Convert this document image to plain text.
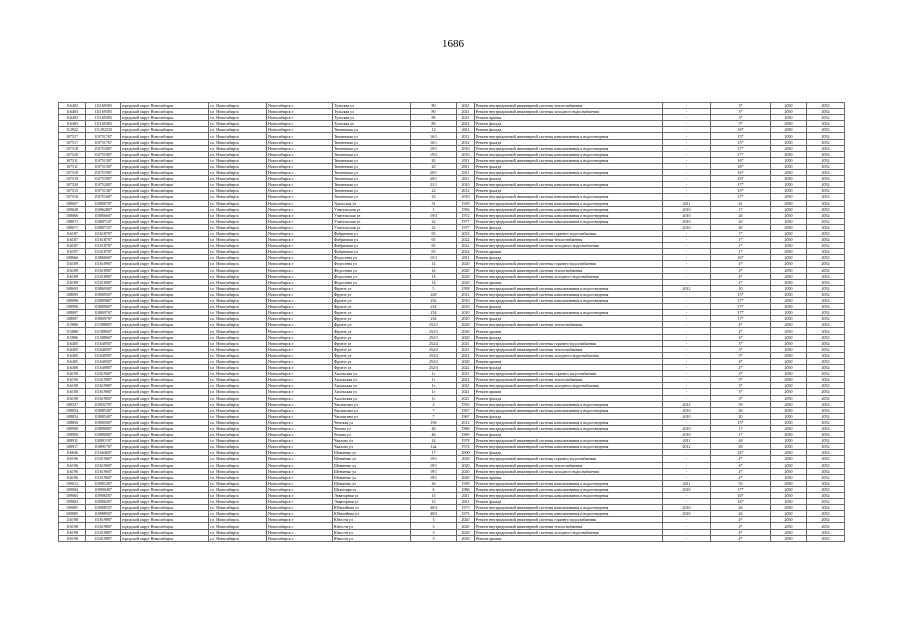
1686
116403	111169383	городской округ Новосибирск	г.о. Новосибирск	Новосибирск г	Тульская ул	80	2021	Ремонт внутридомовой инженерной системы теплоснабжения	-	3*	2050	2052
116403	111169383	городской округ Новосибирск	г.о. Новосибирск	Новосибирск г	Тульская ул	80	2021	Ремонт внутридомовой инженерной системы холодного водоснабжения	-	3*	2050	2052
116403	111169383	городской округ Новосибирск	г.о. Новосибирск	Новосибирск г	Тульская ул	80	2021	Ремонт крыши	-	3*	2050	2052
116403	111169383	городской округ Новосибирск	г.о. Новосибирск	Новосибирск г	Тульская ул	80	2021	Ремонт фасада	-	3*	2050	2052
112922	111292233	городской округ Новосибирск	г.о. Новосибирск	Новосибирск г	Тюменская ул	12	2011	Ремонт фасада	-	16*	2050	2052
107517	110751767	городской округ Новосибирск	г.о. Новосибирск	Новосибирск г	Тюменская ул	16/1	2012	Ремонт внутридомовой инженерной системы канализования и водоотведения	-	15*	2050	2052
107517	110751767	городской округ Новосибирск	г.о. Новосибирск	Новосибирск г	Тюменская ул	16/1	2012	Ремонт фасада	-	15*	2050	2052
107518	110751807	городской округ Новосибирск	г.о. Новосибирск	Новосибирск г	Тюменская ул	19/1	2010	Ремонт внутридомовой инженерной системы канализования и водоотведения	-	17*	2050	2052
107520	110751907	городской округ Новосибирск	г.о. Новосибирск	Новосибирск г	Тюменская ул	19/2	2010	Ремонт внутридомовой инженерной системы канализования и водоотведения	-	17*	2050	2052
107511	110751307	городской округ Новосибирск	г.о. Новосибирск	Новосибирск г	Тюменская ул	20	2011	Ремонт внутридомовой инженерной системы канализования и водоотведения	-	16*	2050	2052
107511	110751307	городской округ Новосибирск	г.о. Новосибирск	Новосибирск г	Тюменская ул	20	2011	Ремонт фасада	-	16*	2050	2052
107519	110751907	городской округ Новосибирск	г.о. Новосибирск	Новосибирск г	Тюменская ул	20/1	2011	Ремонт внутридомовой инженерной системы канализования и водоотведения	-	16*	2050	2052
107519	110751907	городской округ Новосибирск	г.о. Новосибирск	Новосибирск г	Тюменская ул	20/1	2011	Ремонт фасада	-	16*	2050	2052
107520	110752007	городской округ Новосибирск	г.о. Новосибирск	Новосибирск г	Тюменская ул	21/1	2010	Ремонт внутридомовой инженерной системы канализования и водоотведения	-	17*	2050	2052
107513	110751307	городской округ Новосибирск	г.о. Новосибирск	Новосибирск г	Тюменская ул	22	2012	Ремонт фасада	-	15*	2050	2052
107516	110751607	городской округ Новосибирск	г.о. Новосибирск	Новосибирск г	Тюменская ул	23	2010	Ремонт внутридомовой инженерной системы канализования и водоотведения	-	17*	2050	2052
108067	110806707	городской округ Новосибирск	г.о. Новосибирск	Новосибирск г	Уральская ул	31	1929	Ремонт внутридомовой инженерной системы канализования и водоотведения	2011	41	2050	2052
109628	110962807	городской округ Новосибирск	г.о. Новосибирск	Новосибирск г	Учительская ул	1	1956	Ремонт внутридомовой инженерной системы канализования и водоотведения	2010	17	2050	2052
108066	110806607	городской округ Новосибирск	г.о. Новосибирск	Новосибирск г	Учительская ул	19/3	1972	Ремонт внутридомовой инженерной системы канализования и водоотведения	2010	26	2050	2052
108071	110807107	городской округ Новосибирск	г.о. Новосибирск	Новосибирск г	Учительская ул	22	1977	Ремонт внутридомовой инженерной системы канализования и водоотведения	2010	20	2050	2052
108071	110807107	городской округ Новосибирск	г.о. Новосибирск	Новосибирск г	Учительская ул	22	1977	Ремонт фасада	2010	20	2050	2052
116187	111618707	городской округ Новосибирск	г.о. Новосибирск	Новосибирск г	Фабричная ул	65	2022	Ремонт внутридомовой инженерной системы горячего водоснабжения	-	1*	2050	2052
116187	111618707	городской округ Новосибирск	г.о. Новосибирск	Новосибирск г	Фабричная ул	65	2022	Ремонт внутридомовой инженерной системы теплоснабжения	-	1*	2050	2052
116187	111618707	городской округ Новосибирск	г.о. Новосибирск	Новосибирск г	Фабричная ул	65	2022	Ремонт внутридомовой инженерной системы холодного водоснабжения	-	1*	2050	2052
116187	111618707	городской округ Новосибирск	г.о. Новосибирск	Новосибирск г	Фабричная ул	65	2022	Ремонт крыши	-	1*	2050	2052
108666	110866607	городской округ Новосибирск	г.о. Новосибирск	Новосибирск г	Федосеева ул	15/1	2011	Ремонт фасада	-	16*	2050	2052
116189	111618907	городской округ Новосибирск	г.о. Новосибирск	Новосибирск г	Федосеева ул	14	2020	Ремонт внутридомовой инженерной системы горячего водоснабжения	-	4*	2050	2052
116189	111618907	городской округ Новосибирск	г.о. Новосибирск	Новосибирск г	Федосеева ул	14	2020	Ремонт внутридомовой инженерной системы теплоснабжения	-	4*	2050	2052
116189	111618907	городской округ Новосибирск	г.о. Новосибирск	Новосибирск г	Федосеева ул	14	2020	Ремонт внутридомовой инженерной системы холодного водоснабжения	-	4*	2050	2052
116189	111618907	городской округ Новосибирск	г.о. Новосибирск	Новосибирск г	Федосеева ул	14	2020	Ремонт крыши	-	4*	2050	2052
108693	110869307	городской округ Новосибирск	г.о. Новосибирск	Новосибирск г	Фрунзе ул	5	1958	Ремонт внутридомовой инженерной системы канализования и водоотведения	2012	10	2050	2052
108095	110809507	городской округ Новосибирск	г.о. Новосибирск	Новосибирск г	Фрунзе ул	228	2012	Ремонт внутридомовой инженерной системы канализования и водоотведения	-	15*	2050	2052
108096	110809607	городской округ Новосибирск	г.о. Новосибирск	Новосибирск г	Фрунзе ул	232	2010	Ремонт внутридомовой инженерной системы канализования и водоотведения	-	17*	2050	2052
108096	110809607	городской округ Новосибирск	г.о. Новосибирск	Новосибирск г	Фрунзе ул	232	2010	Ремонт фасада	-	17*	2050	2052
108097	110809707	городской округ Новосибирск	г.о. Новосибирск	Новосибирск г	Фрунзе ул	234	2010	Ремонт внутридомовой инженерной системы канализования и водоотведения	-	17*	2050	2052
108097	110809707	городской округ Новосибирск	г.о. Новосибирск	Новосибирск г	Фрунзе ул	234	2010	Ремонт фасада	-	17*	2050	2052
115886	111588607	городской округ Новосибирск	г.о. Новосибирск	Новосибирск г	Фрунзе ул	252/1	2020	Ремонт внутридомовой инженерной системы теплоснабжения	-	4*	2050	2052
115886	111588607	городской округ Новосибирск	г.о. Новосибирск	Новосибирск г	Фрунзе ул	252/1	2020	Ремонт крыши	-	4*	2050	2052
115886	111588607	городской округ Новосибирск	г.о. Новосибирск	Новосибирск г	Фрунзе ул	252/1	2020	Ремонт фасада	-	4*	2050	2052
116405	111640507	городской округ Новосибирск	г.о. Новосибирск	Новосибирск г	Фрунзе ул	252/2	2021	Ремонт внутридомовой инженерной системы горячего водоснабжения	-	3*	2050	2052
116405	111640507	городской округ Новосибирск	г.о. Новосибирск	Новосибирск г	Фрунзе ул	252/2	2021	Ремонт внутридомовой инженерной системы теплоснабжения	-	3*	2050	2052
116405	111640507	городской округ Новосибирск	г.о. Новосибирск	Новосибирск г	Фрунзе ул	252/2	2021	Ремонт внутридомовой инженерной системы холодного водоснабжения	-	3*	2050	2052
116405	111640507	городской округ Новосибирск	г.о. Новосибирск	Новосибирск г	Фрунзе ул	252/2	2020	Ремонт крыши	-	4*	2050	2052
116408	111640807	городской округ Новосибирск	г.о. Новосибирск	Новосибирск г	Фрунзе ул	252/3	2022	Ремонт фасада	-	2*	2050	2052
116190	111619007	городской округ Новосибирск	г.о. Новосибирск	Новосибирск г	Хилокская ул	1г	2021	Ремонт внутридомовой инженерной системы горячего водоснабжения	-	3*	2050	2052
116190	111619007	городской округ Новосибирск	г.о. Новосибирск	Новосибирск г	Хилокская ул	1г	2021	Ремонт внутридомовой инженерной системы теплоснабжения	-	3*	2050	2052
116190	111619007	городской округ Новосибирск	г.о. Новосибирск	Новосибирск г	Хилокская ул	1г	2021	Ремонт внутридомовой инженерной системы холодного водоснабжения	-	3*	2050	2052
116190	111619007	городской округ Новосибирск	г.о. Новосибирск	Новосибирск г	Хилокская ул	1г	2021	Ремонт крыши	-	3*	2050	2052
116190	111619007	городской округ Новосибирск	г.о. Новосибирск	Новосибирск г	Хилокская ул	1г	2021	Ремонт фасада	-	3*	2050	2052
108327	110832707	городской округ Новосибирск	г.о. Новосибирск	Новосибирск г	Чаплыгина ул	2	1955	Ремонт внутридомовой инженерной системы канализования и водоотведения	2012	59	2050	2052
108854	110885407	городской округ Новосибирск	г.о. Новосибирск	Новосибирск г	Чаплыгина ул	7	1967	Ремонт внутридомовой инженерной системы канализования и водоотведения	2010	20	2050	2052
108854	110885407	городской округ Новосибирск	г.о. Новосибирск	Новосибирск г	Чаплыгина ул	7	1967	Ремонт фасада	2010	20	2050	2052
108850	110885007	городской округ Новосибирск	г.о. Новосибирск	Новосибирск г	Чемская ул	19б	2012	Ремонт внутридомовой инженерной системы канализования и водоотведения	-	15*	2050	2052
108900	110890007	городской округ Новосибирск	г.о. Новосибирск	Новосибирск г	Чехова ул	46	1969	Ремонт внутридомовой инженерной системы канализования и водоотведения	2010	17	2050	2052
108900	110890007	городской округ Новосибирск	г.о. Новосибирск	Новосибирск г	Чехова ул	46	1969	Ремонт фасада	2010	17	2050	2052
108911	110891107	городской округ Новосибирск	г.о. Новосибирск	Новосибирск г	Чкалова ул	14	1978	Ремонт внутридомовой инженерной системы канализования и водоотведения	2011	26	2050	2052
108917	110891707	городской округ Новосибирск	г.о. Новосибирск	Новосибирск г	Чкалова ул	14а	1974	Ремонт внутридомовой инженерной системы канализования и водоотведения	2012	28	2050	2052
116646	111664607	городской округ Новосибирск	г.о. Новосибирск	Новосибирск г	Шевченко ул	17	2000	Ремонт фасада	-	24*	2050	2052
116196	111619607	городской округ Новосибирск	г.о. Новосибирск	Новосибирск г	Шевченко ул	19/1	2020	Ремонт внутридомовой инженерной системы горячего водоснабжения	-	4*	2050	2052
116196	111619607	городской округ Новосибирск	г.о. Новосибирск	Новосибирск г	Шевченко ул	19/1	2020	Ремонт внутридомовой инженерной системы теплоснабжения	-	4*	2050	2052
116196	111619607	городской округ Новосибирск	г.о. Новосибирск	Новосибирск г	Шевченко ул	19/1	2020	Ремонт внутридомовой инженерной системы холодного водоснабжения	-	4*	2050	2052
116196	111619607	городской округ Новосибирск	г.о. Новосибирск	Новосибирск г	Шевченко ул	19/1	2020	Ремонт крыши	-	4*	2050	2052
109012	110901207	городской округ Новосибирск	г.о. Новосибирск	Новосибирск г	Шевченко ул	26	1939	Ремонт внутридомовой инженерной системы канализования и водоотведения	2011	53	2050	2052
109004	110900407	городской округ Новосибирск	г.о. Новосибирск	Новосибирск г	Шекспира ул	6	1986	Ремонт внутридомовой инженерной системы канализования и водоотведения	2010	17*	2050	2052
109065	110906507	городской округ Новосибирск	г.о. Новосибирск	Новосибирск г	Экваторная ул	13	2011	Ремонт внутридомовой инженерной системы канализования и водоотведения	-	16*	2050	2052
109063	110906307	городской округ Новосибирск	г.о. Новосибирск	Новосибирск г	Экваторная ул	13	2011	Ремонт фасада	-	16*	2050	2052
109081	110908107	городской округ Новосибирск	г.о. Новосибирск	Новосибирск г	Юбилейная ул	40/3	1973	Ремонт внутридомовой инженерной системы канализования и водоотведения	2010	26	2050	2052
109085	110908507	городской округ Новосибирск	г.о. Новосибирск	Новосибирск г	Юбилейная ул	40/3	1973	Ремонт внутридомовой инженерной системы канализования и водоотведения	2010	26	2050	2052
116198	111619807	городской округ Новосибирск	г.о. Новосибирск	Новосибирск г	Юности ул	3	2020	Ремонт внутридомовой инженерной системы горячего водоснабжения	-	4*	2050	2052
116198	111619807	городской округ Новосибирск	г.о. Новосибирск	Новосибирск г	Юности ул	3	2020	Ремонт внутридомовой инженерной системы теплоснабжения	-	4*	2050	2052
116198	111619807	городской округ Новосибирск	г.о. Новосибирск	Новосибирск г	Юности ул	3	2020	Ремонт внутридомовой инженерной системы холодного водоснабжения	-	4*	2050	2052
116198	111619807	городской округ Новосибирск	г.о. Новосибирск	Новосибирск г	Юности ул	3	2020	Ремонт крыши	-	4*	2050	2052
